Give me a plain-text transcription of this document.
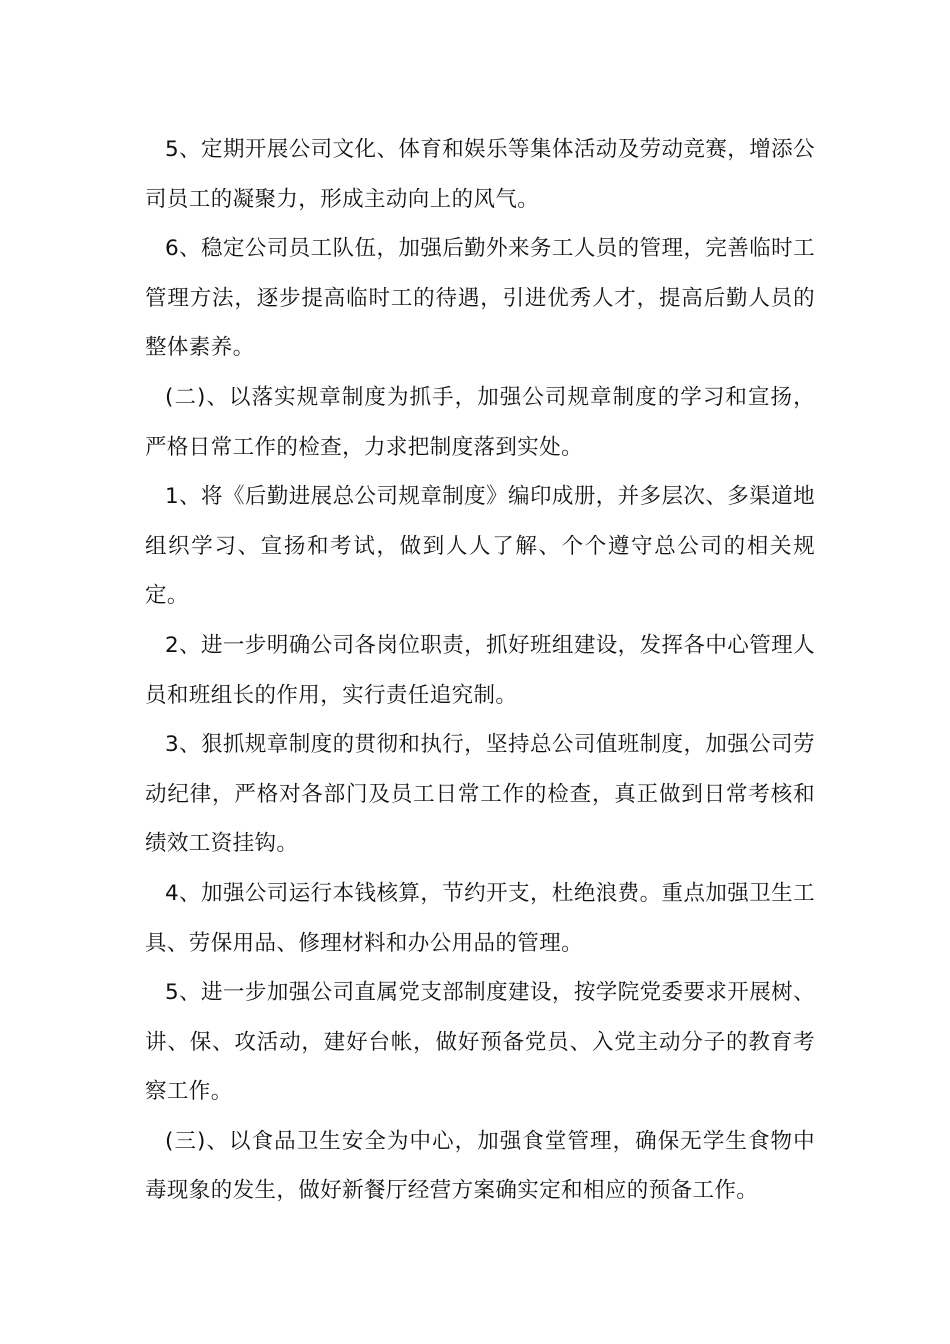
5、定期开展公司文化、体育和娱乐等集体活动及劳动竞赛，增添公司员工的凝聚力，形成主动向上的风气。

6、稳定公司员工队伍，加强后勤外来务工人员的管理，完善临时工管理方法，逐步提高临时工的待遇，引进优秀人才，提高后勤人员的整体素养。

(二)、以落实规章制度为抓手，加强公司规章制度的学习和宣扬，严格日常工作的检查，力求把制度落到实处。

1、将《后勤进展总公司规章制度》编印成册，并多层次、多渠道地组织学习、宣扬和考试，做到人人了解、个个遵守总公司的相关规定。

2、进一步明确公司各岗位职责，抓好班组建设，发挥各中心管理人员和班组长的作用，实行责任追究制。

3、狠抓规章制度的贯彻和执行，坚持总公司值班制度，加强公司劳动纪律，严格对各部门及员工日常工作的检查，真正做到日常考核和绩效工资挂钩。

4、加强公司运行本钱核算，节约开支，杜绝浪费。重点加强卫生工具、劳保用品、修理材料和办公用品的管理。

5、进一步加强公司直属党支部制度建设，按学院党委要求开展树、讲、保、攻活动，建好台帐，做好预备党员、入党主动分子的教育考察工作。

(三)、以食品卫生安全为中心，加强食堂管理，确保无学生食物中毒现象的发生，做好新餐厅经营方案确实定和相应的预备工作。
